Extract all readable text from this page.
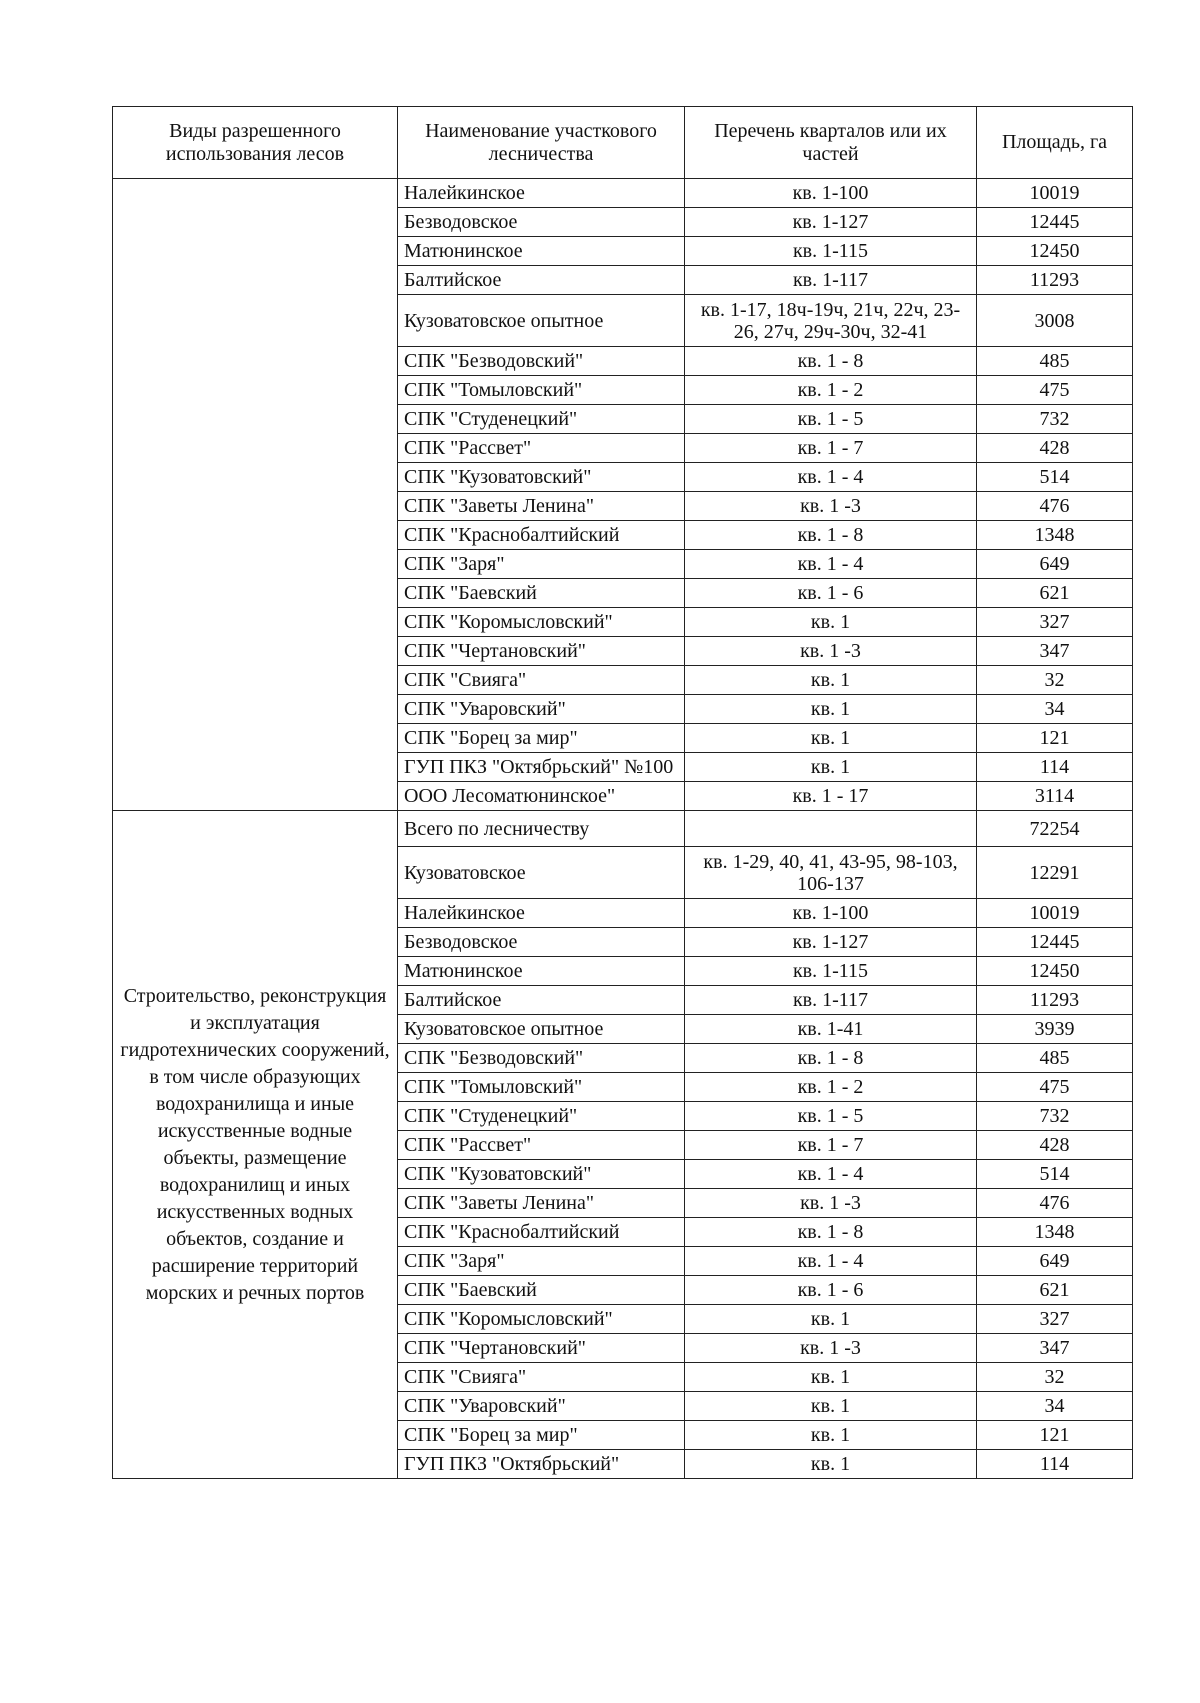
Виды разрешенного использования лесов	Наименование участкового лесничества	Перечень кварталов или их частей	Площадь, га
	Налейкинское	кв. 1-100	10019
	Безводовское	кв. 1-127	12445
	Матюнинское	кв. 1-115	12450
	Балтийское	кв. 1-117	11293
	Кузоватовское опытное	кв. 1-17, 18ч-19ч, 21ч, 22ч, 23-26, 27ч, 29ч-30ч, 32-41	3008
	СПК "Безводовский"	кв. 1 - 8	485
	СПК "Томыловский"	кв. 1 - 2	475
	СПК "Студенецкий"	кв. 1 - 5	732
	СПК "Рассвет"	кв. 1 - 7	428
	СПК "Кузоватовский"	кв. 1 - 4	514
	СПК "Заветы Ленина"	кв. 1 -3	476
	СПК "Краснобалтийский	кв. 1 - 8	1348
	СПК "Заря"	кв. 1 - 4	649
	СПК "Баевский	кв. 1 - 6	621
	СПК "Коромысловский"	кв. 1	327
	СПК "Чертановский"	кв. 1 -3	347
	СПК "Свияга"	кв. 1	32
	СПК "Уваровский"	кв. 1	34
	СПК "Борец за мир"	кв. 1	121
	ГУП ПКЗ "Октябрьский" №100	кв. 1	114
	ООО Лесоматюнинское"	кв. 1 - 17	3114
Строительство, реконструкция и эксплуатация гидротехнических сооружений, в том числе образующих водохранилища и иные искусственные водные объекты, размещение водохранилищ и иных искусственных водных объектов, создание и расширение территорий морских и речных портов	Всего по лесничеству		72254
	Кузоватовское	кв. 1-29, 40, 41, 43-95, 98-103, 106-137	12291
	Налейкинское	кв. 1-100	10019
	Безводовское	кв. 1-127	12445
	Матюнинское	кв. 1-115	12450
	Балтийское	кв. 1-117	11293
	Кузоватовское опытное	кв. 1-41	3939
	СПК "Безводовский"	кв. 1 - 8	485
	СПК "Томыловский"	кв. 1 - 2	475
	СПК "Студенецкий"	кв. 1 - 5	732
	СПК "Рассвет"	кв. 1 - 7	428
	СПК "Кузоватовский"	кв. 1 - 4	514
	СПК "Заветы Ленина"	кв. 1 -3	476
	СПК "Краснобалтийский	кв. 1 - 8	1348
	СПК "Заря"	кв. 1 - 4	649
	СПК "Баевский	кв. 1 - 6	621
	СПК "Коромысловский"	кв. 1	327
	СПК "Чертановский"	кв. 1 -3	347
	СПК "Свияга"	кв. 1	32
	СПК "Уваровский"	кв. 1	34
	СПК "Борец за мир"	кв. 1	121
	ГУП ПКЗ "Октябрьский"	кв. 1	114
